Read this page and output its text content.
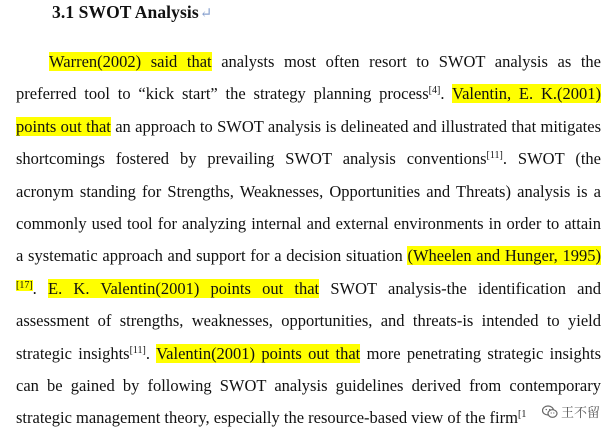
3.1 SWOT Analysis↵
Warren(2002) said that analysts most often resort to SWOT analysis as the preferred tool to “kick start” the strategy planning process[4]. Valentin, E. K.(2001) points out that an approach to SWOT analysis is delineated and illustrated that mitigates shortcomings fostered by prevailing SWOT analysis conventions[11]. SWOT (the acronym standing for Strengths, Weaknesses, Opportunities and Threats) analysis is a commonly used tool for analyzing internal and external environments in order to attain a systematic approach and support for a decision situation (Wheelen and Hunger, 1995)[17]. E. K. Valentin(2001) points out that SWOT analysis-the identification and assessment of strengths, weaknesses, opportunities, and threats-is intended to yield strategic insights[11]. Valentin(2001) points out that more penetrating strategic insights can be gained by following SWOT analysis guidelines derived from contemporary strategic management theory, especially the resource-based view of the firm$^{[1}$	王不留
